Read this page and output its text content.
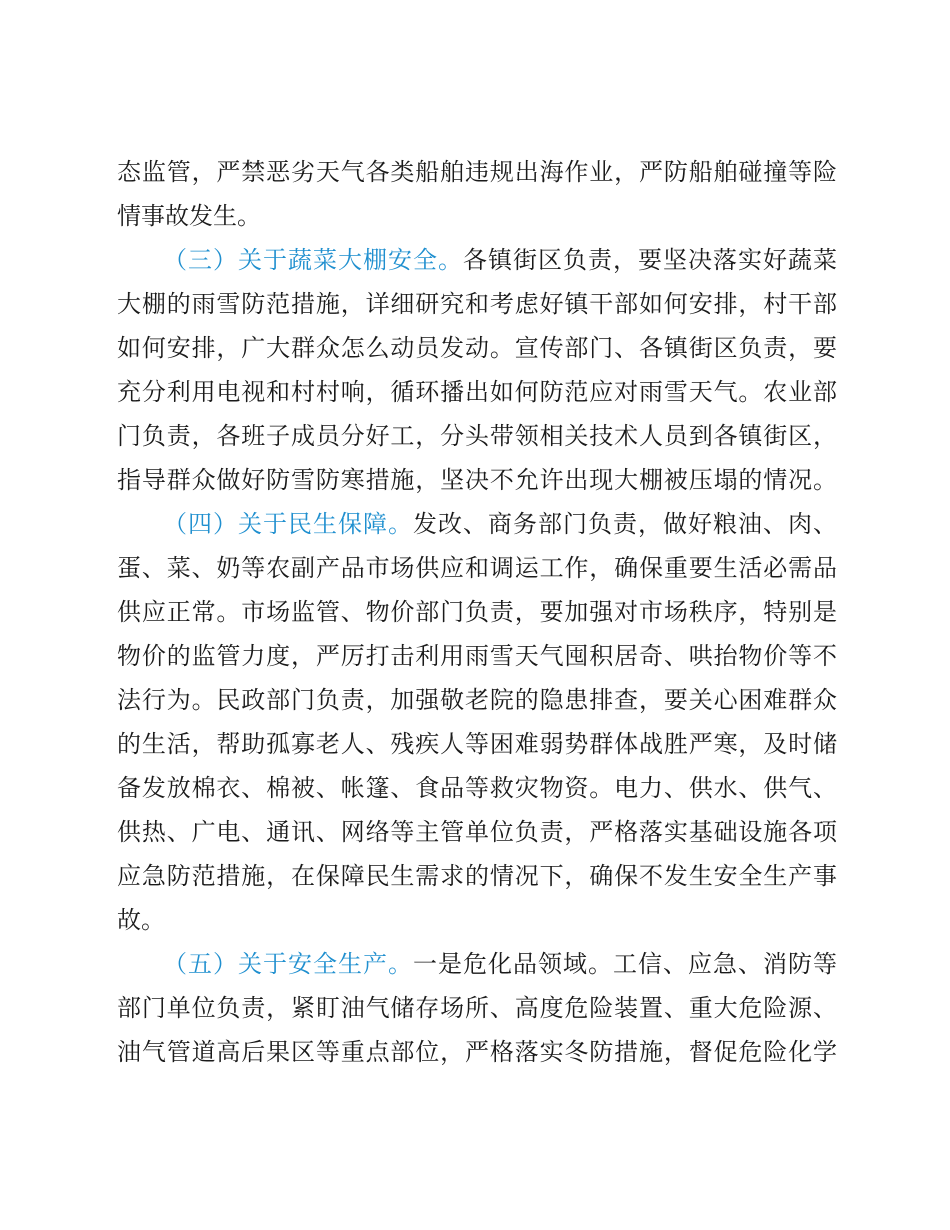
态监管，严禁恶劣天气各类船舶违规出海作业，严防船舶碰撞等险
情事故发生。
（三）关于蔬菜大棚安全。各镇街区负责，要坚决落实好蔬菜
大棚的雨雪防范措施，详细研究和考虑好镇干部如何安排，村干部
如何安排，广大群众怎么动员发动。宣传部门、各镇街区负责，要
充分利用电视和村村响，循环播出如何防范应对雨雪天气。农业部
门负责，各班子成员分好工，分头带领相关技术人员到各镇街区，
指导群众做好防雪防寒措施，坚决不允许出现大棚被压塌的情况。
（四）关于民生保障。发改、商务部门负责，做好粮油、肉、
蛋、菜、奶等农副产品市场供应和调运工作，确保重要生活必需品
供应正常。市场监管、物价部门负责，要加强对市场秩序，特别是
物价的监管力度，严厉打击利用雨雪天气囤积居奇、哄抬物价等不
法行为。民政部门负责，加强敬老院的隐患排查，要关心困难群众
的生活，帮助孤寡老人、残疾人等困难弱势群体战胜严寒，及时储
备发放棉衣、棉被、帐篷、食品等救灾物资。电力、供水、供气、
供热、广电、通讯、网络等主管单位负责，严格落实基础设施各项
应急防范措施，在保障民生需求的情况下，确保不发生安全生产事
故。
（五）关于安全生产。一是危化品领域。工信、应急、消防等
部门单位负责，紧盯油气储存场所、高度危险装置、重大危险源、
油气管道高后果区等重点部位，严格落实冬防措施，督促危险化学
